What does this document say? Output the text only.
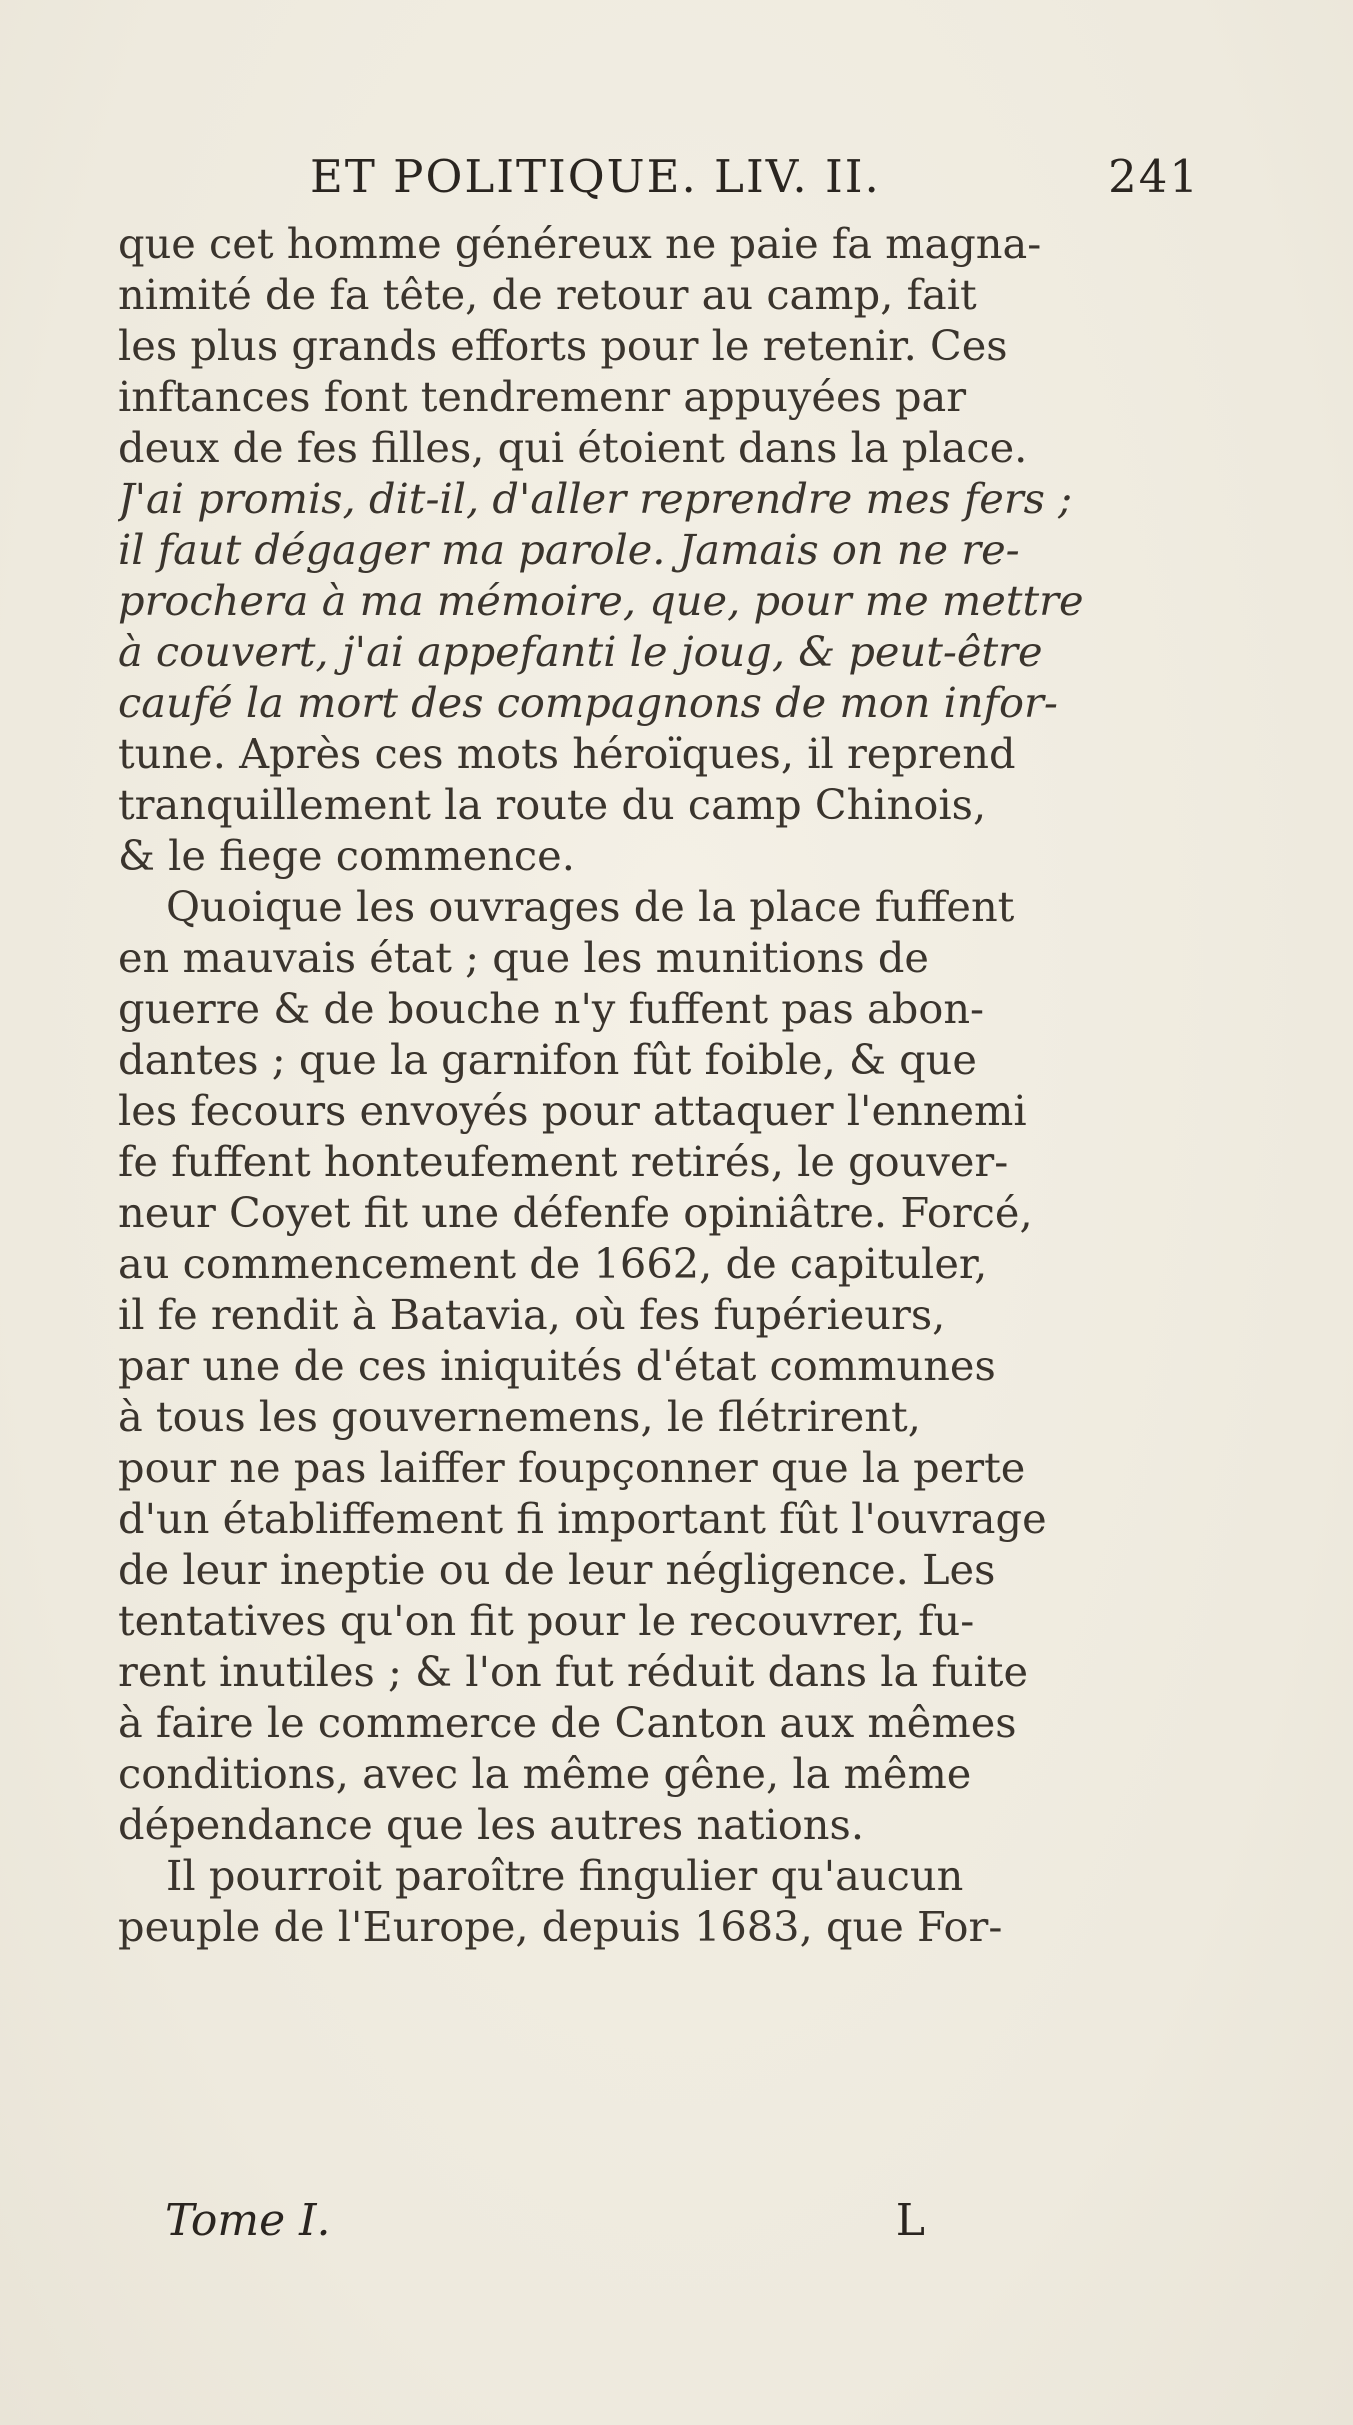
ET POLITIQUE. LIV. II.	241
que cet homme généreux ne paie fa magna-
nimité de fa tête, de retour au camp, fait
les plus grands efforts pour le retenir. Ces
inftances font tendremenr appuyées par
deux de fes filles, qui étoient dans la place.
J'ai promis, dit-il, d'aller reprendre mes fers ;
il faut dégager ma parole. Jamais on ne re-
prochera à ma mémoire, que, pour me mettre
à couvert, j'ai appefanti le joug, & peut-être
caufé la mort des compagnons de mon infor-
tune. Après ces mots héroïques, il reprend
tranquillement la route du camp Chinois,
& le fiege commence.
Quoique les ouvrages de la place fuffent
en mauvais état ; que les munitions de
guerre & de bouche n'y fuffent pas abon-
dantes ; que la garnifon fût foible, & que
les fecours envoyés pour attaquer l'ennemi
fe fuffent honteufement retirés, le gouver-
neur Coyet fit une défenfe opiniâtre. Forcé,
au commencement de 1662, de capituler,
il fe rendit à Batavia, où fes fupérieurs,
par une de ces iniquités d'état communes
à tous les gouvernemens, le flétrirent,
pour ne pas laiffer foupçonner que la perte
d'un établiffement fi important fût l'ouvrage
de leur ineptie ou de leur négligence. Les
tentatives qu'on fit pour le recouvrer, fu-
rent inutiles ; & l'on fut réduit dans la fuite
à faire le commerce de Canton aux mêmes
conditions, avec la même gêne, la même
dépendance que les autres nations.
Il pourroit paroître fingulier qu'aucun
peuple de l'Europe, depuis 1683, que For-
Tome I.	L
